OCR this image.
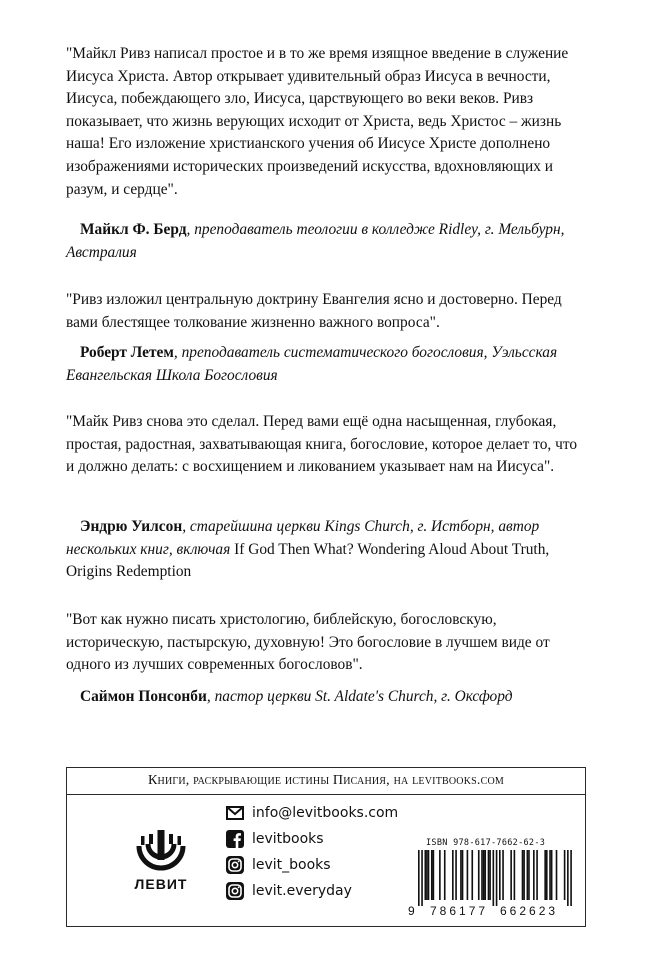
"Майкл Ривз написал простое и в то же время изящное введение в служение Иисуса Христа. Автор открывает удивительный образ Иисуса в вечности, Иисуса, побеждающего зло, Иисуса, царствующего во веки веков. Ривз показывает, что жизнь верующих исходит от Христа, ведь Христос – жизнь наша! Его изложение христианского учения об Иисусе Христе дополнено изображениями исторических произведений искусства, вдохновляющих и разум, и сердце".

Майкл Ф. Берд, преподаватель теологии в колледже Ridley, г. Мельбурн, Австралия

"Ривз изложил центральную доктрину Евангелия ясно и достоверно. Перед вами блестящее толкование жизненно важного вопроса".

Роберт Летем, преподаватель систематического богословия, Уэльсская Евангельская Школа Богословия

"Майк Ривз снова это сделал. Перед вами ещё одна насыщенная, глубокая, простая, радостная, захватывающая книга, богословие, которое делает то, что и должно делать: с восхищением и ликованием указывает нам на Иисуса".

Эндрю Уилсон, старейшина церкви Kings Church, г. Истборн, автор нескольких книг, включая If God Then What? Wondering Aloud About Truth, Origins Redemption

"Вот как нужно писать христологию, библейскую, богословскую, историческую, пастырскую, духовную! Это богословие в лучшем виде от одного из лучших современных богословов".

Саймон Понсонби, пастор церкви St. Aldate's Church, г. Оксфорд

Книги, раскрывающие истины Писания, на levitbooks.com
ЛЕВИТ
info@levitbooks.com
levitbooks
levit_books
levit.everyday
ISBN 978-617-7662-62-3
9 786177 662623
